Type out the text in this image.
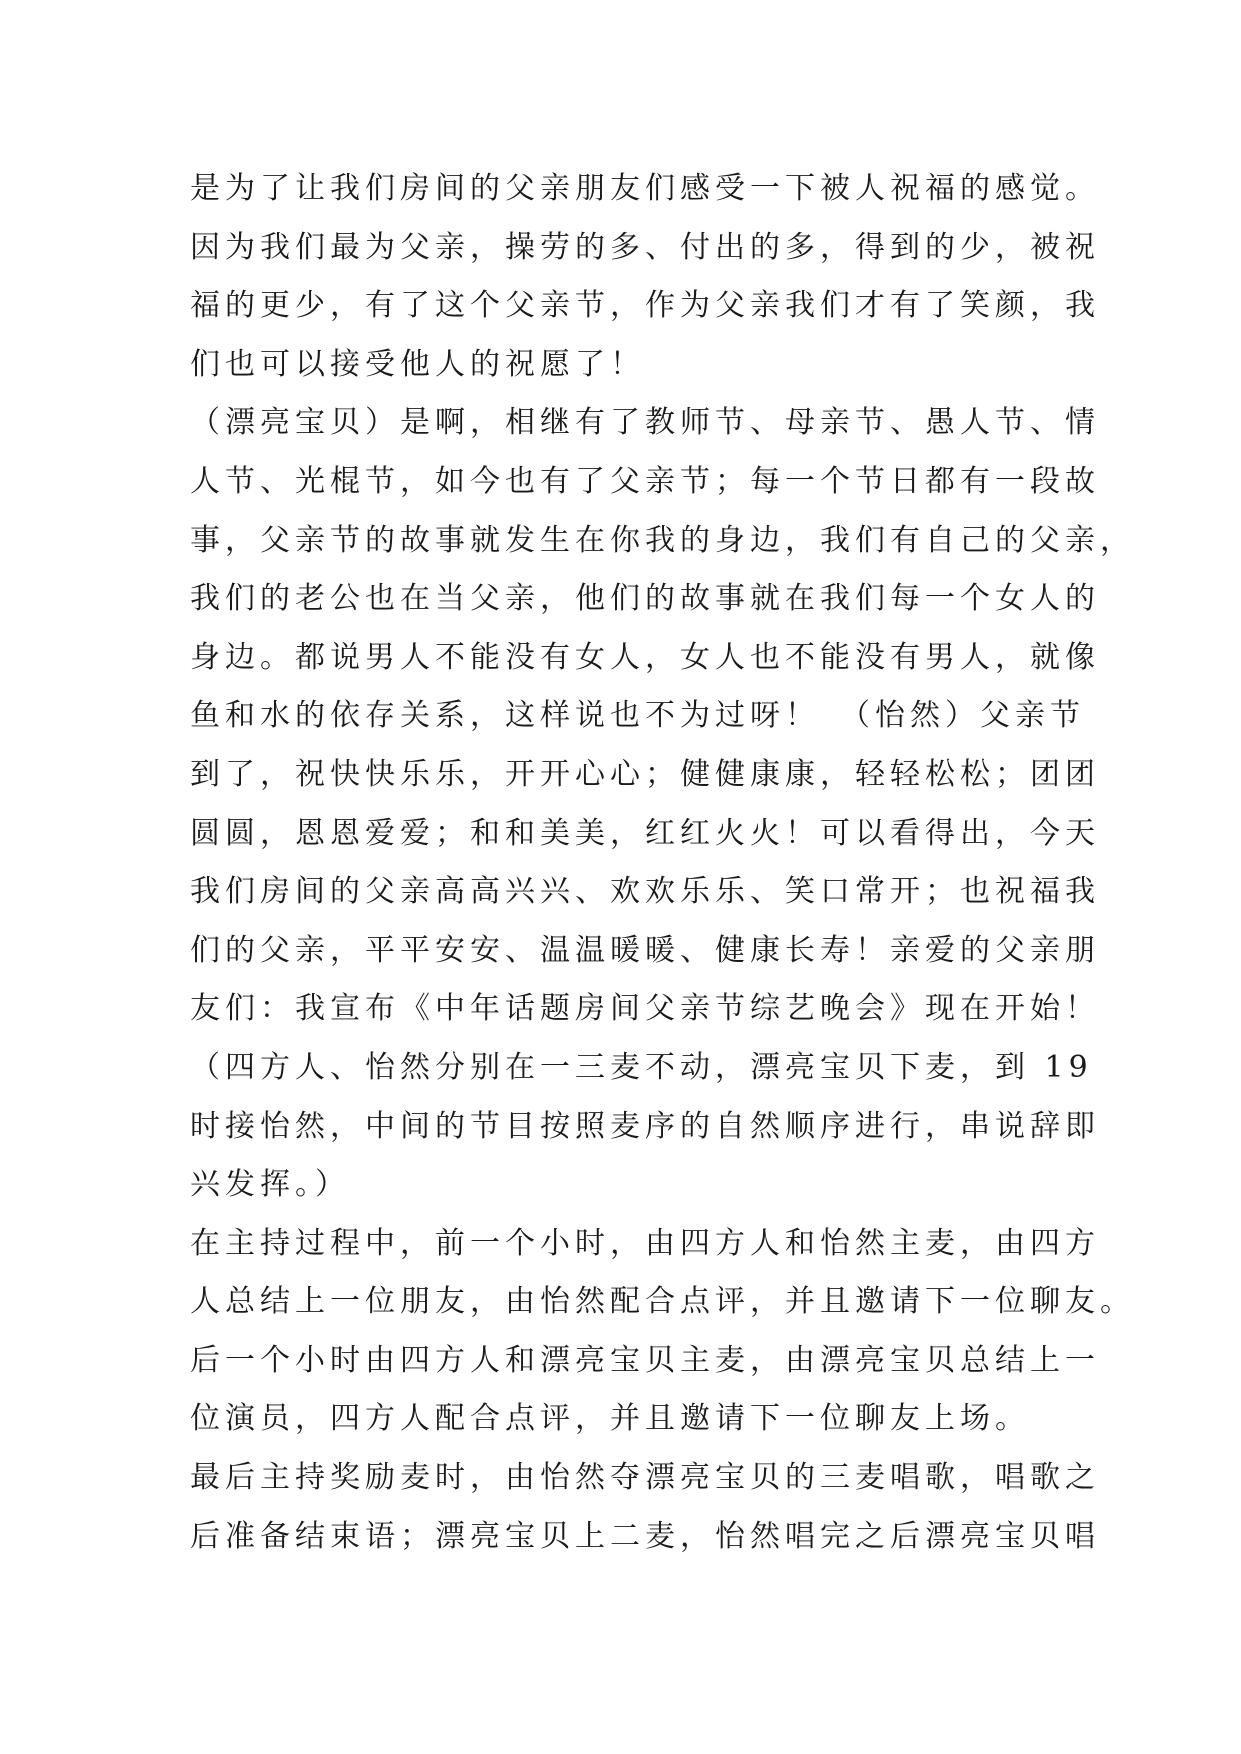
是为了让我们房间的父亲朋友们感受一下被人祝福的感觉。
因为我们最为父亲，操劳的多、付出的多，得到的少，被祝
福的更少，有了这个父亲节，作为父亲我们才有了笑颜，我
们也可以接受他人的祝愿了！
（漂亮宝贝）是啊，相继有了教师节、母亲节、愚人节、情
人节、光棍节，如今也有了父亲节；每一个节日都有一段故
事，父亲节的故事就发生在你我的身边，我们有自己的父亲，
我们的老公也在当父亲，他们的故事就在我们每一个女人的
身边。都说男人不能没有女人，女人也不能没有男人，就像
鱼和水的依存关系，这样说也不为过呀！　（怡然）父亲节
到了，祝快快乐乐，开开心心；健健康康，轻轻松松；团团
圆圆，恩恩爱爱；和和美美，红红火火！可以看得出，今天
我们房间的父亲高高兴兴、欢欢乐乐、笑口常开；也祝福我
们的父亲，平平安安、温温暖暖、健康长寿！亲爱的父亲朋
友们：我宣布《中年话题房间父亲节综艺晚会》现在开始！
（四方人、怡然分别在一三麦不动，漂亮宝贝下麦，到 19
时接怡然，中间的节目按照麦序的自然顺序进行，串说辞即
兴发挥。）
在主持过程中，前一个小时，由四方人和怡然主麦，由四方
人总结上一位朋友，由怡然配合点评，并且邀请下一位聊友。
后一个小时由四方人和漂亮宝贝主麦，由漂亮宝贝总结上一
位演员，四方人配合点评，并且邀请下一位聊友上场。
最后主持奖励麦时，由怡然夺漂亮宝贝的三麦唱歌，唱歌之
后准备结束语；漂亮宝贝上二麦，怡然唱完之后漂亮宝贝唱
